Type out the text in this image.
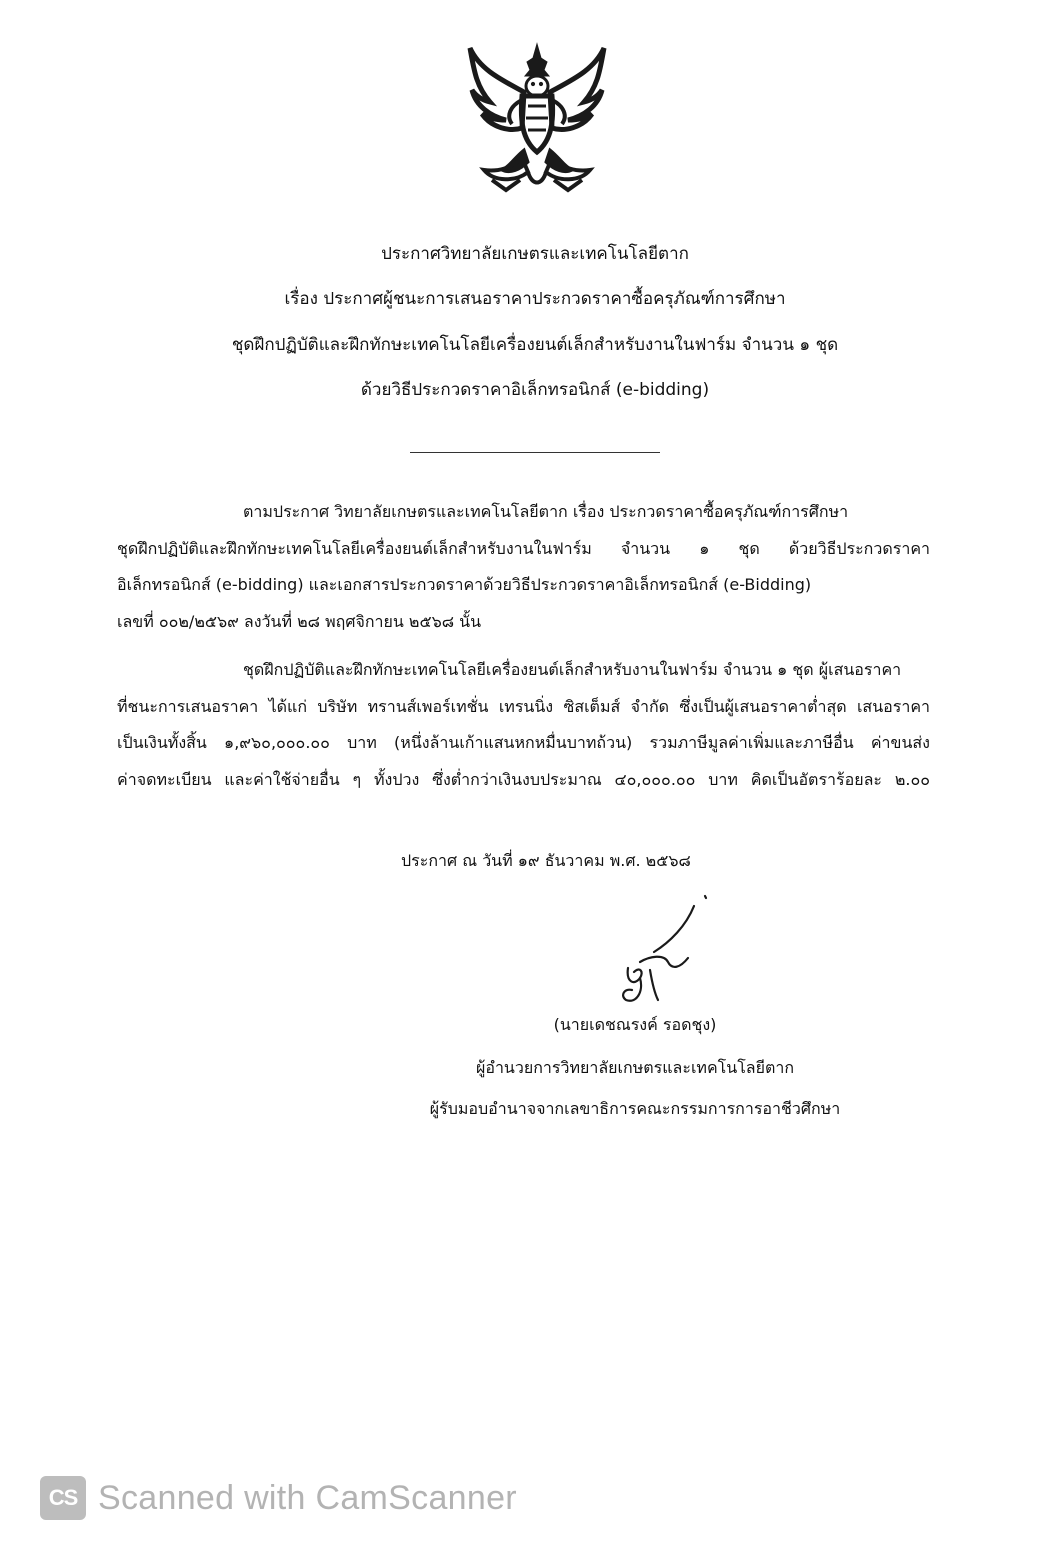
ประกาศวิทยาลัยเกษตรและเทคโนโลยีตาก
เรื่อง ประกาศผู้ชนะการเสนอราคาประกวดราคาซื้อครุภัณฑ์การศึกษา
ชุดฝึกปฏิบัติและฝึกทักษะเทคโนโลยีเครื่องยนต์เล็กสำหรับงานในฟาร์ม จำนวน ๑ ชุด
ด้วยวิธีประกวดราคาอิเล็กทรอนิกส์ (e-bidding)
ตามประกาศ วิทยาลัยเกษตรและเทคโนโลยีตาก เรื่อง ประกวดราคาซื้อครุภัณฑ์การศึกษา
ชุดฝึกปฏิบัติและฝึกทักษะเทคโนโลยีเครื่องยนต์เล็กสำหรับงานในฟาร์ม จำนวน ๑ ชุด ด้วยวิธีประกวดราคา
อิเล็กทรอนิกส์ (e-bidding) และเอกสารประกวดราคาด้วยวิธีประกวดราคาอิเล็กทรอนิกส์ (e-Bidding)
เลขที่ ๐๐๒/๒๕๖๙ ลงวันที่ ๒๘ พฤศจิกายน ๒๕๖๘ นั้น
ชุดฝึกปฏิบัติและฝึกทักษะเทคโนโลยีเครื่องยนต์เล็กสำหรับงานในฟาร์ม จำนวน ๑ ชุด ผู้เสนอราคา
ที่ชนะการเสนอราคา ได้แก่ บริษัท ทรานส์เพอร์เทชั่น เทรนนิ่ง ซิสเต็มส์ จำกัด ซึ่งเป็นผู้เสนอราคาต่ำสุด เสนอราคา
เป็นเงินทั้งสิ้น ๑,๙๖๐,๐๐๐.๐๐ บาท (หนึ่งล้านเก้าแสนหกหมื่นบาทถ้วน) รวมภาษีมูลค่าเพิ่มและภาษีอื่น ค่าขนส่ง
ค่าจดทะเบียน และค่าใช้จ่ายอื่น ๆ ทั้งปวง ซึ่งต่ำกว่าเงินงบประมาณ ๔๐,๐๐๐.๐๐ บาท คิดเป็นอัตราร้อยละ ๒.๐๐
ประกาศ ณ วันที่ ๑๙ ธันวาคม พ.ศ. ๒๕๖๘
(นายเดชณรงค์ รอดชุง)
ผู้อำนวยการวิทยาลัยเกษตรและเทคโนโลยีตาก
ผู้รับมอบอำนาจจากเลขาธิการคณะกรรมการการอาชีวศึกษา
CS Scanned with CamScanner
